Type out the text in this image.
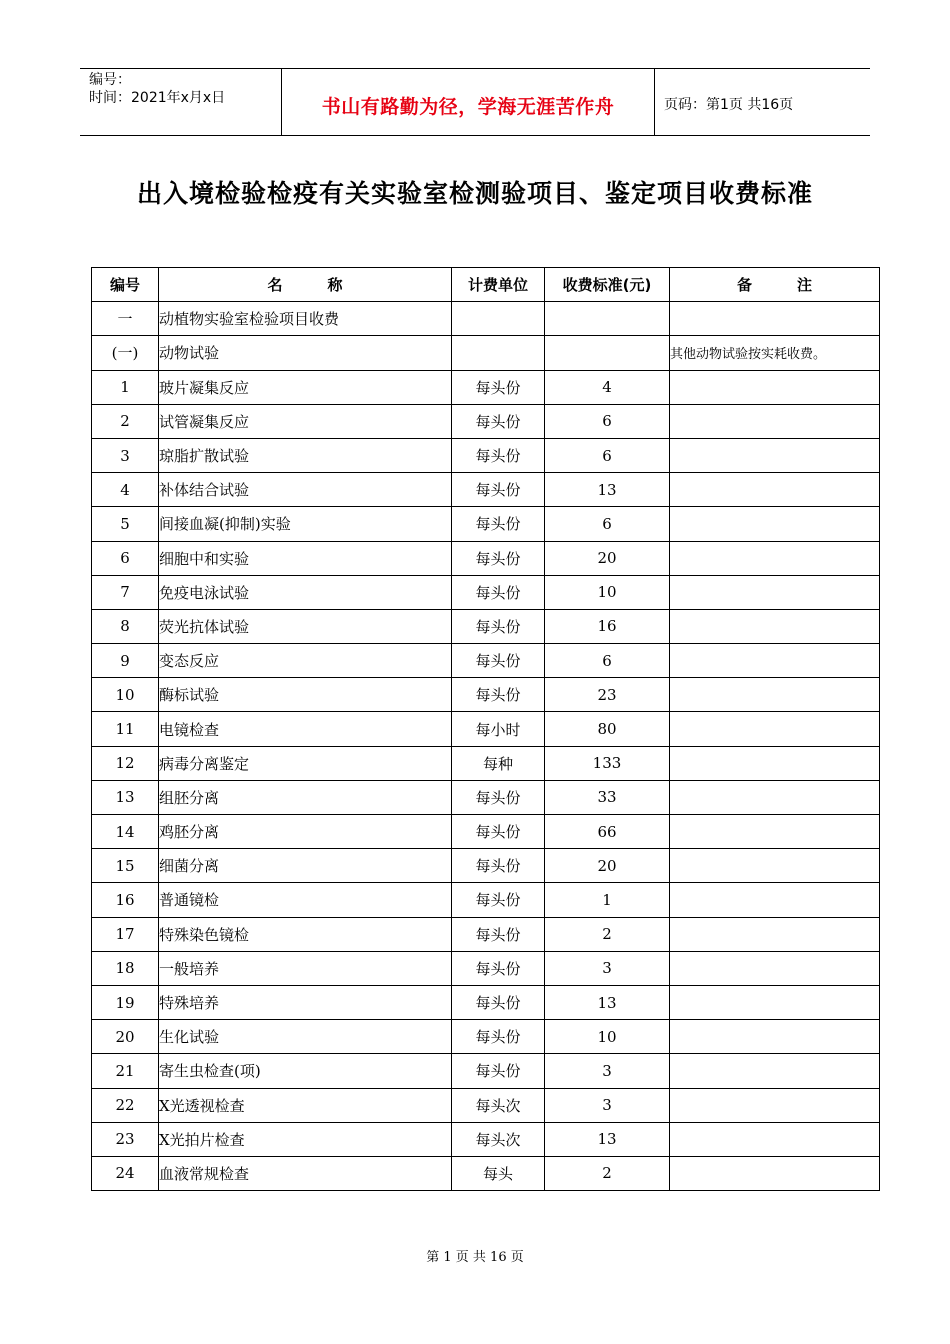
编号：
时间：2021年x月x日	书山有路勤为径，学海无涯苦作舟	页码：第1页 共16页
出入境检验检疫有关实验室检测验项目、鉴定项目收费标准
编号	名　　　称	计费单位	收费标准(元)	备　　　注
一	动植物实验室检验项目收费			
(一)	动物试验			其他动物试验按实耗收费。
1	玻片凝集反应	每头份	4	
2	试管凝集反应	每头份	6	
3	琼脂扩散试验	每头份	6	
4	补体结合试验	每头份	13	
5	间接血凝(抑制)实验	每头份	6	
6	细胞中和实验	每头份	20	
7	免疫电泳试验	每头份	10	
8	荧光抗体试验	每头份	16	
9	变态反应	每头份	6	
10	酶标试验	每头份	23	
11	电镜检查	每小时	80	
12	病毒分离鉴定	每种	133	
13	组胚分离	每头份	33	
14	鸡胚分离	每头份	66	
15	细菌分离	每头份	20	
16	普通镜检	每头份	1	
17	特殊染色镜检	每头份	2	
18	一般培养	每头份	3	
19	特殊培养	每头份	13	
20	生化试验	每头份	10	
21	寄生虫检查(项)	每头份	3	
22	X光透视检查	每头次	3	
23	X光拍片检查	每头次	13	
24	血液常规检查	每头	2	
第 1 页 共 16 页
